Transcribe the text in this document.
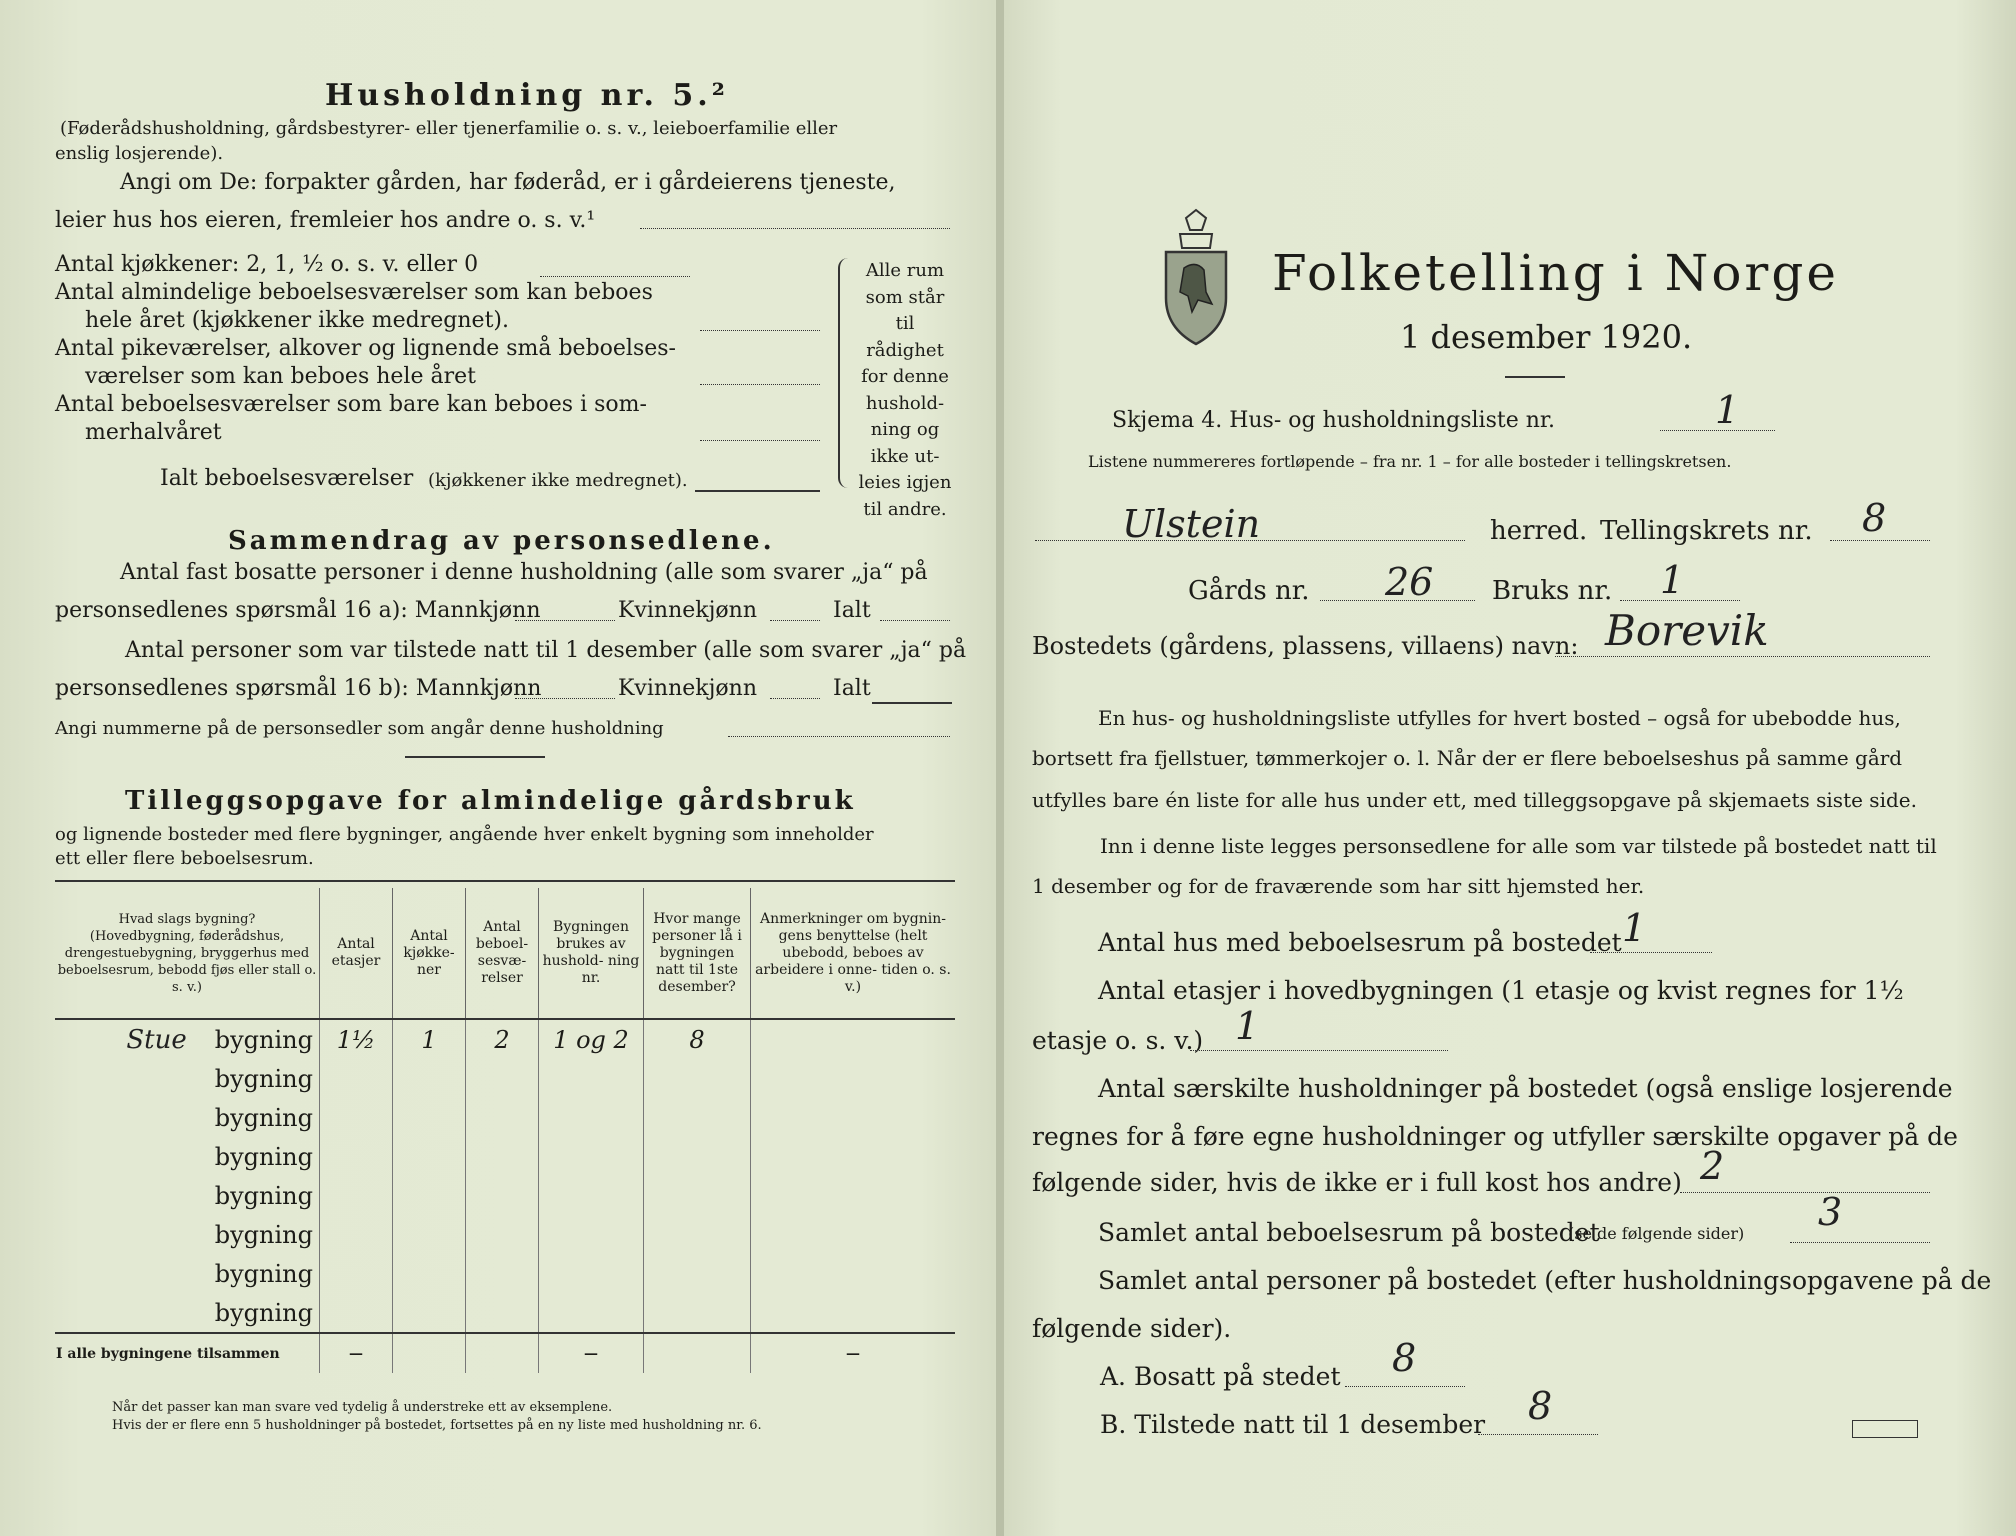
Husholdning nr. 5.²
(Føderådshusholdning, gårdsbestyrer- eller tjenerfamilie o. s. v., leieboerfamilie eller
enslig losjerende).
Angi om De: forpakter gården, har føderåd, er i gårdeierens tjeneste,
leier hus hos eieren, fremleier hos andre o. s. v.¹
Antal kjøkkener: 2, 1, ½ o. s. v. eller 0
Antal almindelige beboelsesværelser som kan beboes
hele året (kjøkkener ikke medregnet).
Antal pikeværelser, alkover og lignende små beboelses-
værelser som kan beboes hele året
Antal beboelsesværelser som bare kan beboes i som-
merhalvåret
Ialt beboelsesværelser (kjøkkener ikke medregnet).
Alle rum
som står til
rådighet
for denne
hushold-
ning og
ikke ut-
leies igjen
til andre.
Sammendrag av personsedlene.
Antal fast bosatte personer i denne husholdning (alle som svarer „ja“ på
personsedlenes spørsmål 16 a): Mannkjønn	Kvinnekjønn	Ialt
Antal personer som var tilstede natt til 1 desember (alle som svarer „ja“ på
personsedlenes spørsmål 16 b): Mannkjønn	Kvinnekjønn	Ialt
Angi nummerne på de personsedler som angår denne husholdning
Tilleggsopgave for almindelige gårdsbruk
og lignende bosteder med flere bygninger, angående hver enkelt bygning som inneholder
ett eller flere beboelsesrum.
Hvad slags bygning?
(Hovedbygning, føderådshus, drengestuebygning, bryggerhus med beboelsesrum, bebodd fjøs eller stall o. s. v.)	Antal etasjer	Antal kjøkke- ner	Antal beboel- sesvæ- relser	Bygningen brukes av hushold- ning nr.	Hvor mange personer lå i bygningen natt til 1ste desember?	Anmerkninger om bygnin- gens benyttelse (helt ubebodd, beboes av arbeidere i onne- tiden o. s. v.)
Stue bygning	1½	1	2	1 og 2	8	
bygning						
bygning						
bygning						
bygning						
bygning						
bygning						
bygning						
I alle bygningene tilsammen	—			—		—
Når det passer kan man svare ved tydelig å understreke ett av eksemplene.
Hvis der er flere enn 5 husholdninger på bostedet, fortsettes på en ny liste med husholdning nr. 6.
Folketelling i Norge
1 desember 1920.
Skjema 4. Hus- og husholdningsliste nr.	1
Listene nummereres fortløpende – fra nr. 1 – for alle bosteder i tellingskretsen.
Ulstein	herred. Tellingskrets nr. 8
Gårds nr. 26 Bruks nr. 1
Bostedets (gårdens, plassens, villaens) navn: Borevik
En hus- og husholdningsliste utfylles for hvert bosted – også for ubebodde hus,
bortsett fra fjellstuer, tømmerkojer o. l. Når der er flere beboelseshus på samme gård
utfylles bare én liste for alle hus under ett, med tilleggsopgave på skjemaets siste side.
Inn i denne liste legges personsedlene for alle som var tilstede på bostedet natt til
1 desember og for de fraværende som har sitt hjemsted her.
Antal hus med beboelsesrum på bostedet 1
Antal etasjer i hovedbygningen (1 etasje og kvist regnes for 1½
etasje o. s. v.) 1
Antal særskilte husholdninger på bostedet (også enslige losjerende
regnes for å føre egne husholdninger og utfyller særskilte opgaver på de
følgende sider, hvis de ikke er i full kost hos andre) 2
Samlet antal beboelsesrum på bostedet
(se de følgende sider) 3
Samlet antal personer på bostedet (efter husholdningsopgavene på de
følgende sider).
A. Bosatt på stedet 8
B. Tilstede natt til 1 desember 8
